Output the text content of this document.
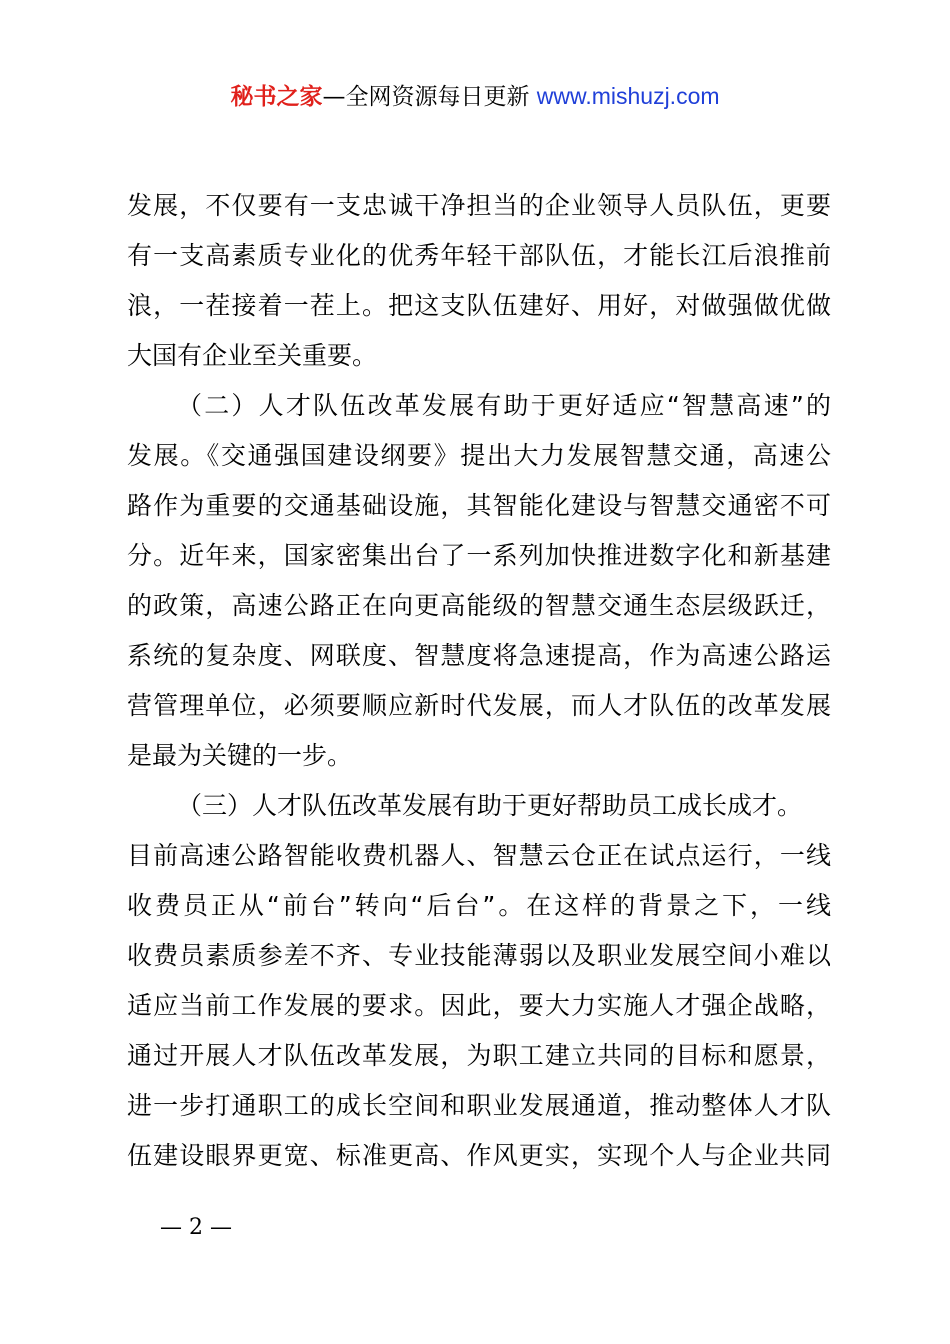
秘书之家—全网资源每日更新 www.mishuzj.com
发展，不仅要有一支忠诚干净担当的企业领导人员队伍，更要
有一支高素质专业化的优秀年轻干部队伍，才能长江后浪推前
浪，一茬接着一茬上。把这支队伍建好、用好，对做强做优做
大国有企业至关重要。
（二）人才队伍改革发展有助于更好适应“智慧高速”的
发展。《交通强国建设纲要》提出大力发展智慧交通，高速公
路作为重要的交通基础设施，其智能化建设与智慧交通密不可
分。近年来，国家密集出台了一系列加快推进数字化和新基建
的政策，高速公路正在向更高能级的智慧交通生态层级跃迁，
系统的复杂度、网联度、智慧度将急速提高，作为高速公路运
营管理单位，必须要顺应新时代发展，而人才队伍的改革发展
是最为关键的一步。
（三）人才队伍改革发展有助于更好帮助员工成长成才。
目前高速公路智能收费机器人、智慧云仓正在试点运行，一线
收费员正从“前台”转向“后台”。在这样的背景之下，一线
收费员素质参差不齐、专业技能薄弱以及职业发展空间小难以
适应当前工作发展的要求。因此，要大力实施人才强企战略，
通过开展人才队伍改革发展，为职工建立共同的目标和愿景，
进一步打通职工的成长空间和职业发展通道，推动整体人才队
伍建设眼界更宽、标准更高、作风更实，实现个人与企业共同
— 2 —
